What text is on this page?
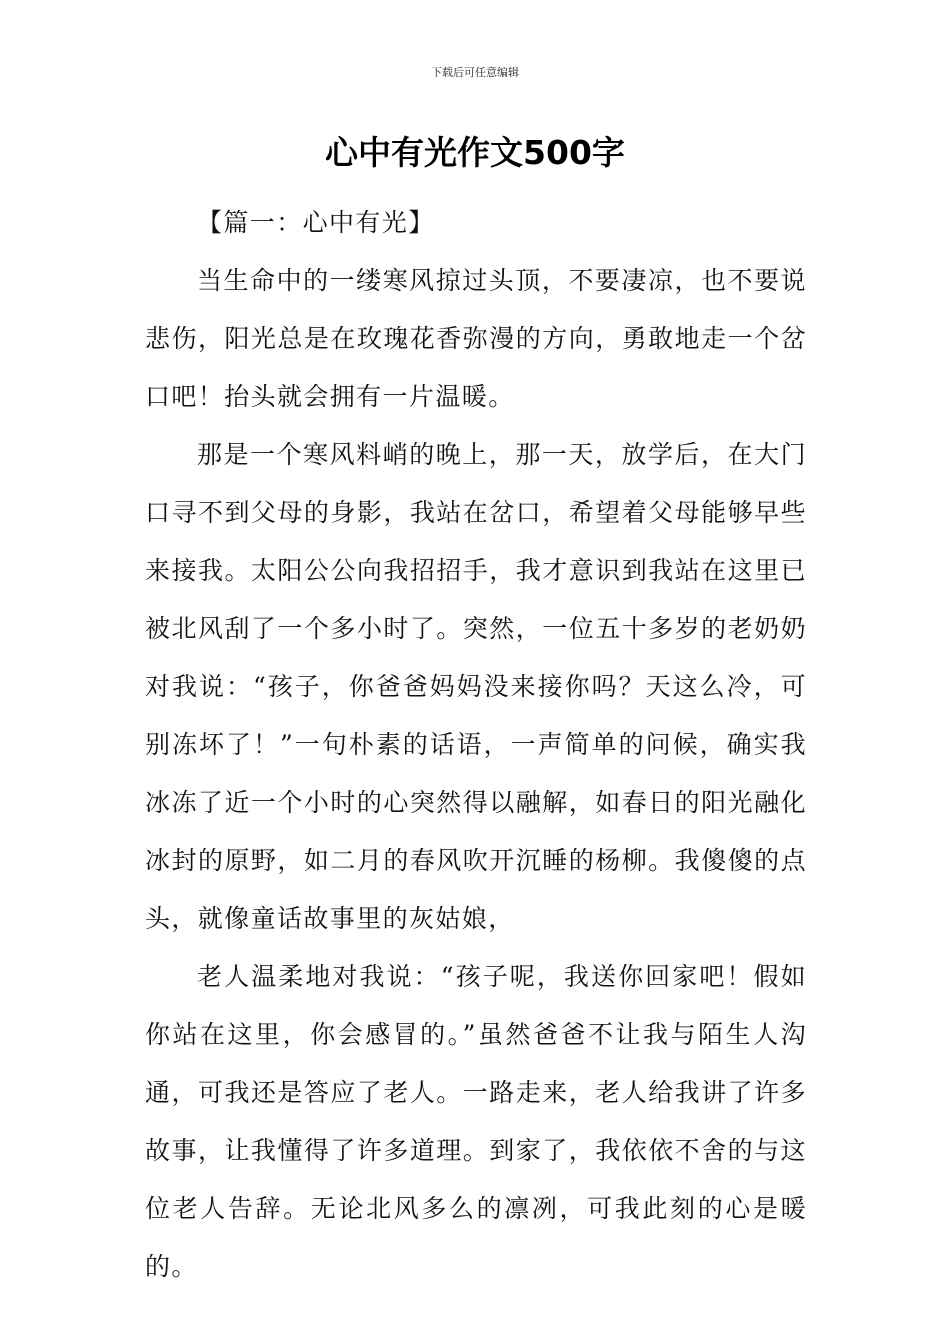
下载后可任意编辑
心中有光作文500字

【篇一：心中有光】

当生命中的一缕寒风掠过头顶，不要凄凉，也不要说悲伤，阳光总是在玫瑰花香弥漫的方向，勇敢地走一个岔口吧！抬头就会拥有一片温暖。

那是一个寒风料峭的晚上，那一天，放学后，在大门口寻不到父母的身影，我站在岔口，希望着父母能够早些来接我。太阳公公向我招招手，我才意识到我站在这里已被北风刮了一个多小时了。突然，一位五十多岁的老奶奶对我说：“孩子，你爸爸妈妈没来接你吗？天这么冷，可别冻坏了！”一句朴素的话语，一声简单的问候，确实我冰冻了近一个小时的心突然得以融解，如春日的阳光融化冰封的原野，如二月的春风吹开沉睡的杨柳。我傻傻的点头，就像童话故事里的灰姑娘，

老人温柔地对我说：“孩子呢，我送你回家吧！假如你站在这里，你会感冒的。”虽然爸爸不让我与陌生人沟通，可我还是答应了老人。一路走来，老人给我讲了许多故事，让我懂得了许多道理。到家了，我依依不舍的与这位老人告辞。无论北风多么的凛冽，可我此刻的心是暖的。
